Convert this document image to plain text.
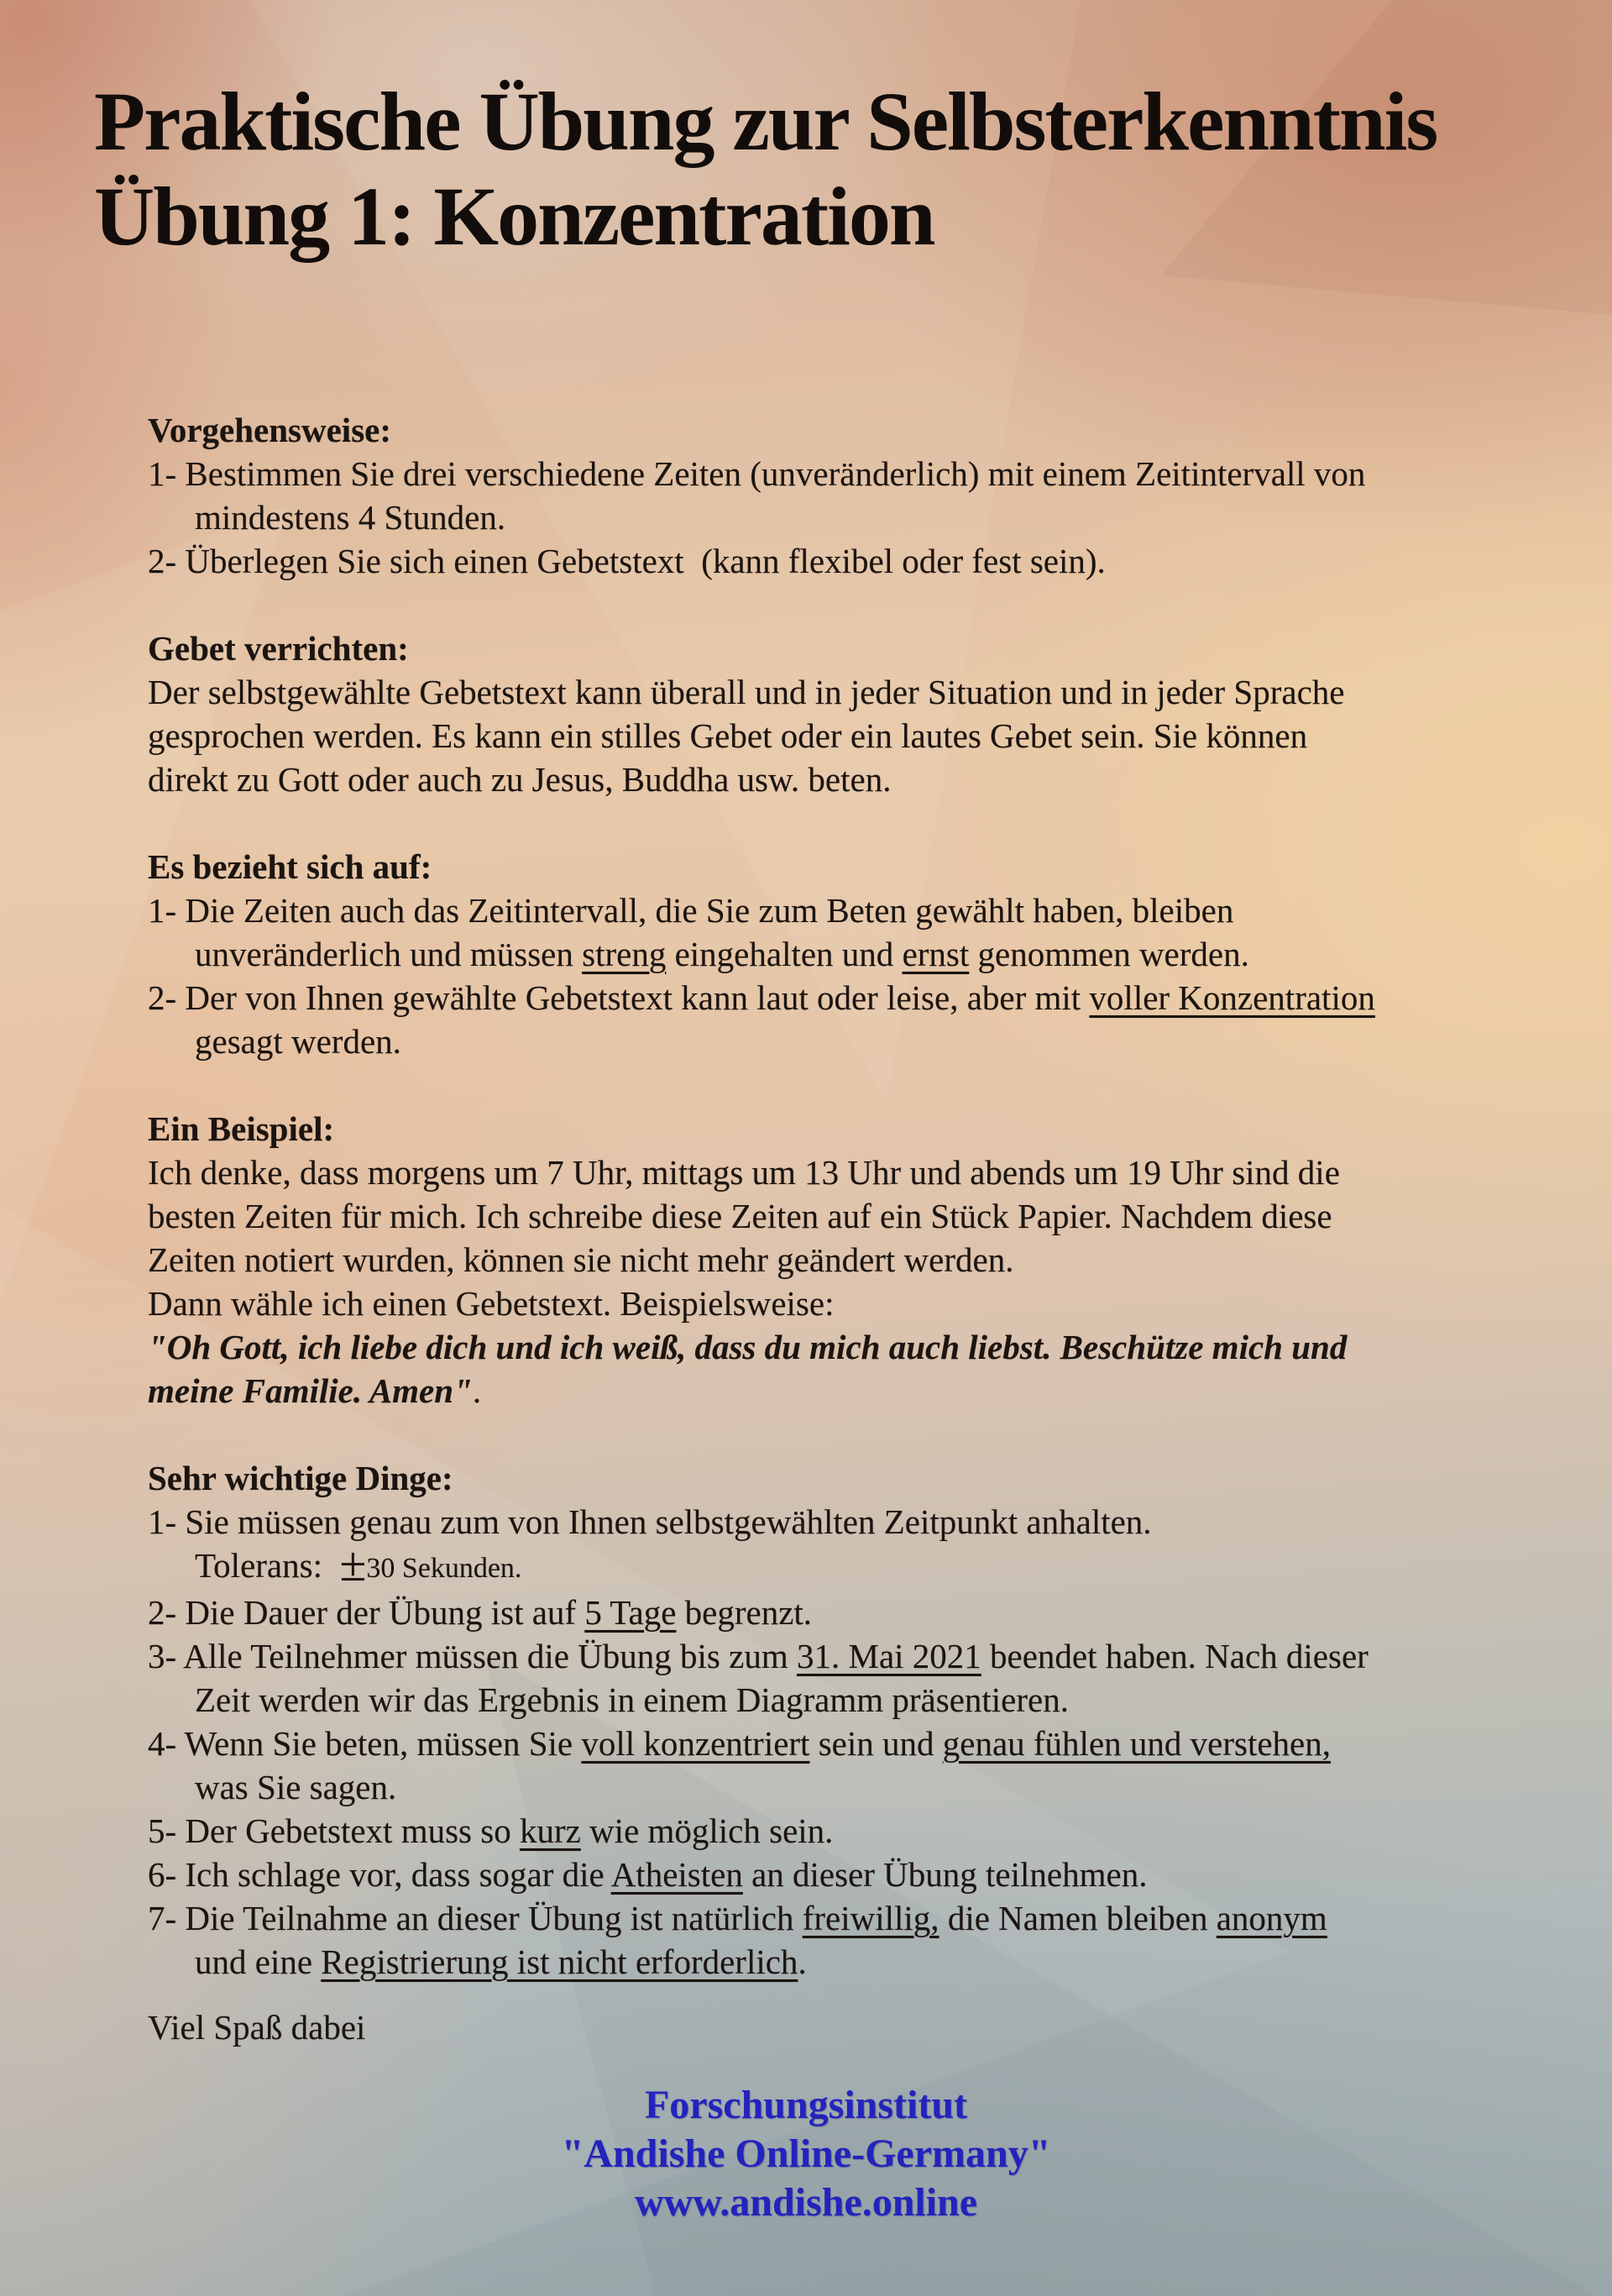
Praktische Übung zur Selbsterkenntnis
Übung 1: Konzentration
Vorgehensweise:
1- Bestimmen Sie drei verschiedene Zeiten (unveränderlich) mit einem Zeitintervall von
mindestens 4 Stunden.
2- Überlegen Sie sich einen Gebetstext  (kann flexibel oder fest sein).
Gebet verrichten:
Der selbstgewählte Gebetstext kann überall und in jeder Situation und in jeder Sprache
gesprochen werden. Es kann ein stilles Gebet oder ein lautes Gebet sein. Sie können
direkt zu Gott oder auch zu Jesus, Buddha usw. beten.
Es bezieht sich auf:
1- Die Zeiten auch das Zeitintervall, die Sie zum Beten gewählt haben, bleiben
unveränderlich und müssen streng eingehalten und ernst genommen werden.
2- Der von Ihnen gewählte Gebetstext kann laut oder leise, aber mit voller Konzentration
gesagt werden.
Ein Beispiel:
Ich denke, dass morgens um 7 Uhr, mittags um 13 Uhr und abends um 19 Uhr sind die
besten Zeiten für mich. Ich schreibe diese Zeiten auf ein Stück Papier. Nachdem diese
Zeiten notiert wurden, können sie nicht mehr geändert werden.
Dann wähle ich einen Gebetstext. Beispielsweise:
"Oh Gott, ich liebe dich und ich weiß, dass du mich auch liebst. Beschütze mich und
meine Familie. Amen".
Sehr wichtige Dinge:
1- Sie müssen genau zum von Ihnen selbstgewählten Zeitpunkt anhalten.
Tolerans:  ±30 Sekunden.
2- Die Dauer der Übung ist auf 5 Tage begrenzt.
3- Alle Teilnehmer müssen die Übung bis zum 31. Mai 2021 beendet haben. Nach dieser
Zeit werden wir das Ergebnis in einem Diagramm präsentieren.
4- Wenn Sie beten, müssen Sie voll konzentriert sein und genau fühlen und verstehen,
was Sie sagen.
5- Der Gebetstext muss so kurz wie möglich sein.
6- Ich schlage vor, dass sogar die Atheisten an dieser Übung teilnehmen.
7- Die Teilnahme an dieser Übung ist natürlich freiwillig, die Namen bleiben anonym
und eine Registrierung ist nicht erforderlich.

Viel Spaß dabei

Forschungsinstitut
"Andishe Online-Germany"
www.andishe.online
